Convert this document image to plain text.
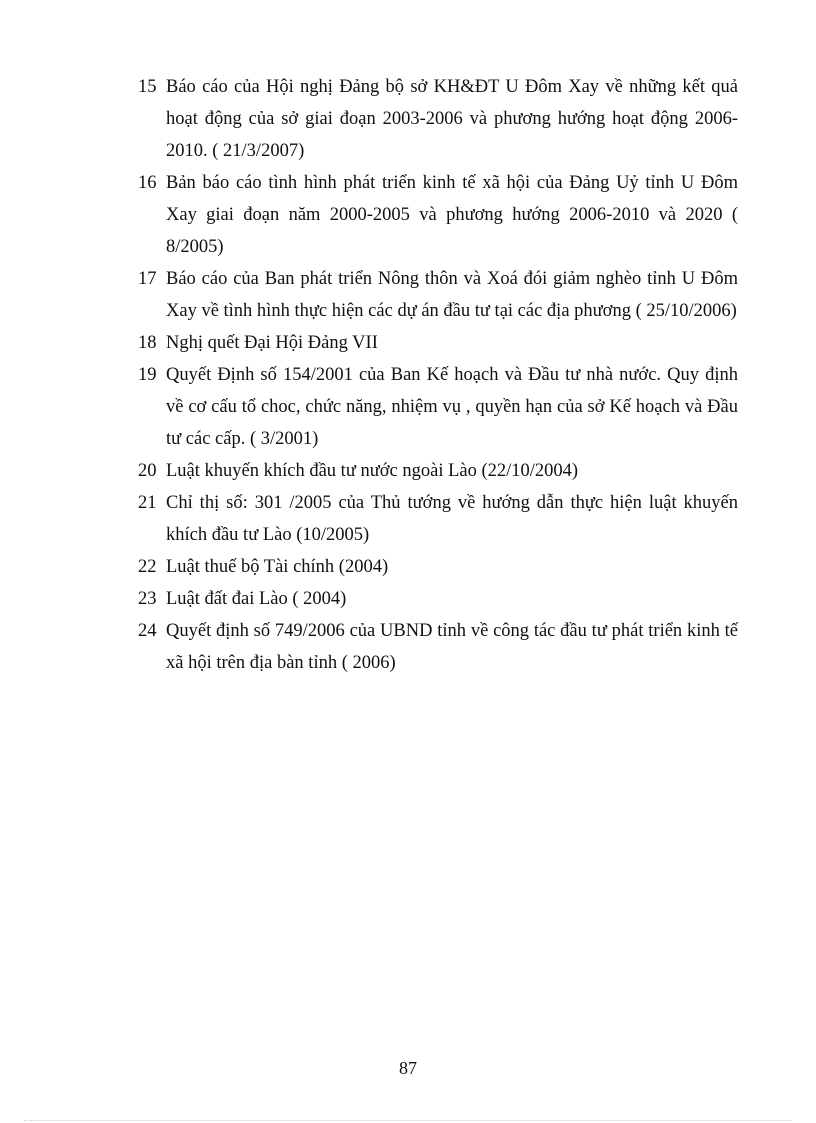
15 Báo cáo của Hội nghị Đảng bộ sở KH&ĐT U Đôm Xay về những kết quả hoạt động của sở giai đoạn 2003-2006 và phương hướng hoạt động 2006-2010. ( 21/3/2007)
16 Bản báo cáo tình hình phát triển kinh tế xã hội của Đảng Uỷ tỉnh U Đôm Xay giai đoạn năm 2000-2005 và phương hướng 2006-2010 và 2020 ( 8/2005)
17 Báo cáo của Ban phát triển Nông thôn và Xoá đói giảm nghèo tỉnh U Đôm Xay về tình hình thực hiện các dự án đầu tư tại các địa phương ( 25/10/2006)
18 Nghị quết Đại Hội Đảng VII
19 Quyết Định số 154/2001 của Ban Kế hoạch và Đầu tư nhà nước. Quy định về cơ cấu tổ choc, chức năng, nhiệm vụ , quyền hạn của sở Kế hoạch và Đầu tư các cấp. ( 3/2001)
20 Luật khuyến khích đầu tư nước ngoài Lào (22/10/2004)
21 Chỉ thị số: 301 /2005 của Thủ tướng về hướng dẫn thực hiện luật khuyến khích đầu tư Lào (10/2005)
22 Luật thuế bộ Tài chính (2004)
23 Luật đất đai Lào ( 2004)
24 Quyết định số 749/2006 của UBND tỉnh về công tác đầu tư phát triển kinh tế xã hội trên địa bàn tỉnh ( 2006)
87
